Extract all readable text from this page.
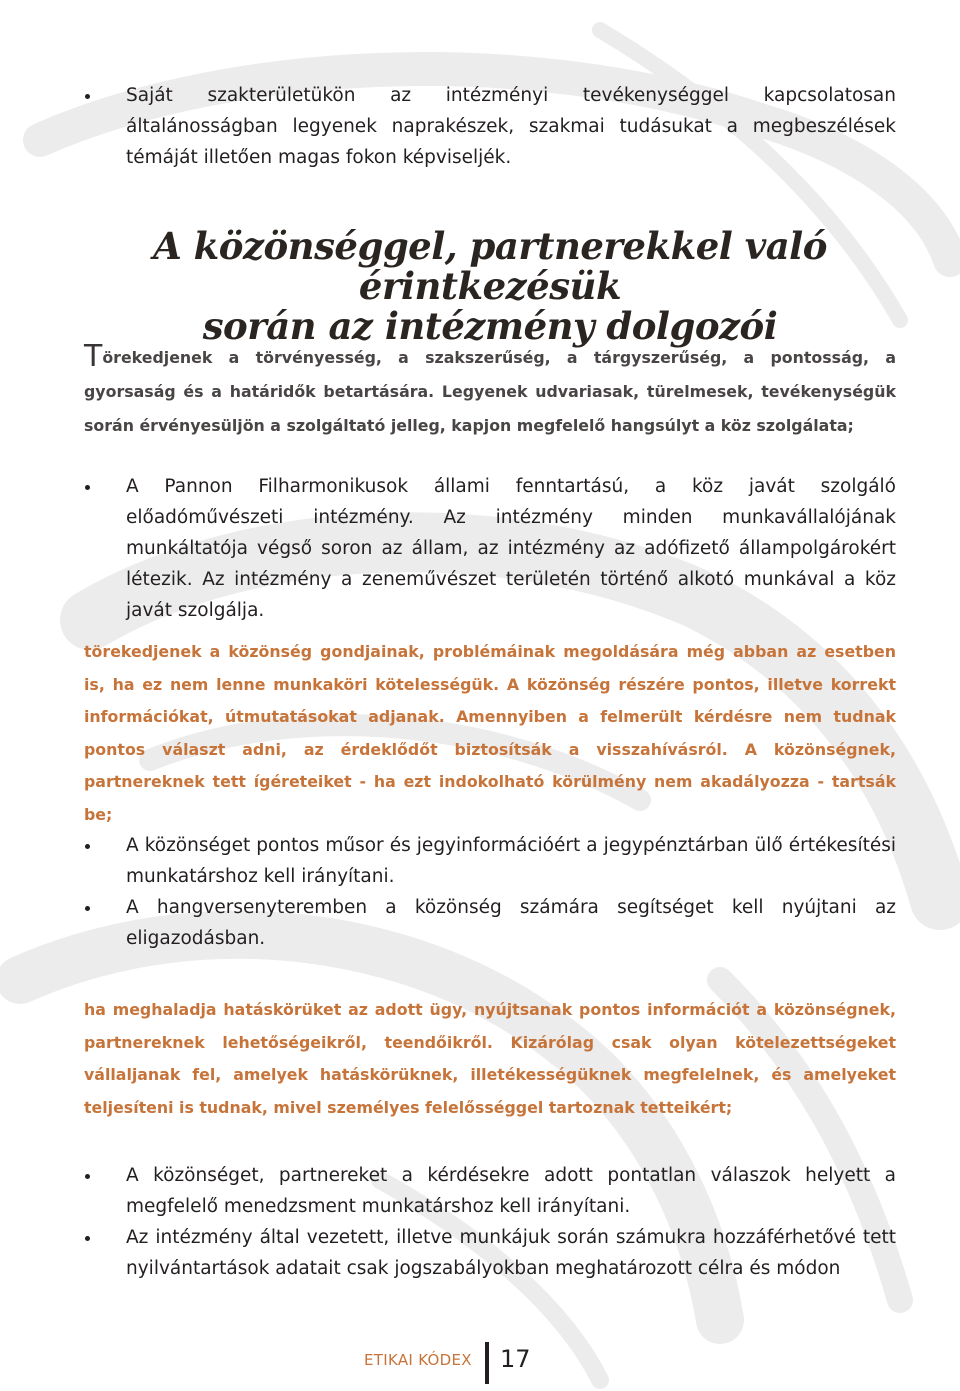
Saját szakterületükön az intézményi tevékenységgel kapcsolatosan általánosságban legyenek naprakészek, szakmai tudásukat a megbeszélések témáját illetően magas fokon képviseljék.
A közönséggel, partnerekkel való érintkezésük
során az intézmény dolgozói

Törekedjenek a törvényesség, a szakszerűség, a tárgyszerűség, a pontosság, a gyorsaság és a határidők betartására. Legyenek udvariasak, türelmesek, tevékenységük során érvényesüljön a szolgáltató jelleg, kapjon megfelelő hangsúlyt a köz szolgálata;

A Pannon Filharmonikusok állami fenntartású, a köz javát szolgáló előadóművészeti intézmény. Az intézmény minden munkavállalójának munkáltatója végső soron az állam, az intézmény az adófizető állampolgárokért létezik. Az intézmény a zeneművészet területén történő alkotó munkával a köz javát szolgálja.

törekedjenek a közönség gondjainak, problémáinak megoldására még abban az esetben is, ha ez nem lenne munkaköri kötelességük. A közönség részére pontos, illetve korrekt információkat, útmutatásokat adjanak. Amennyiben a felmerült kérdésre nem tudnak pontos választ adni, az érdeklődőt biztosítsák a visszahívásról. A közönségnek, partnereknek tett ígéreteiket - ha ezt indokolható körülmény nem akadályozza - tartsák be;

A közönséget pontos műsor és jegyinformációért a jegypénztárban ülő értékesítési munkatárshoz kell irányítani.
A hangversenyteremben a közönség számára segítséget kell nyújtani az eligazodásban.

ha meghaladja hatáskörüket az adott ügy, nyújtsanak pontos információt a közönségnek, partnereknek lehetőségeikről, teendőikről. Kizárólag csak olyan kötelezettségeket vállaljanak fel, amelyek hatáskörüknek, illetékességüknek megfelelnek, és amelyeket teljesíteni is tudnak, mivel személyes felelősséggel tartoznak tetteikért;

A közönséget, partnereket a kérdésekre adott pontatlan válaszok helyett a megfelelő menedzsment munkatárshoz kell irányítani.
Az intézmény által vezetett, illetve munkájuk során számukra hozzáférhetővé tett nyilvántartások adatait csak jogszabályokban meghatározott célra és módon
ETIKAI KÓDEX 17
